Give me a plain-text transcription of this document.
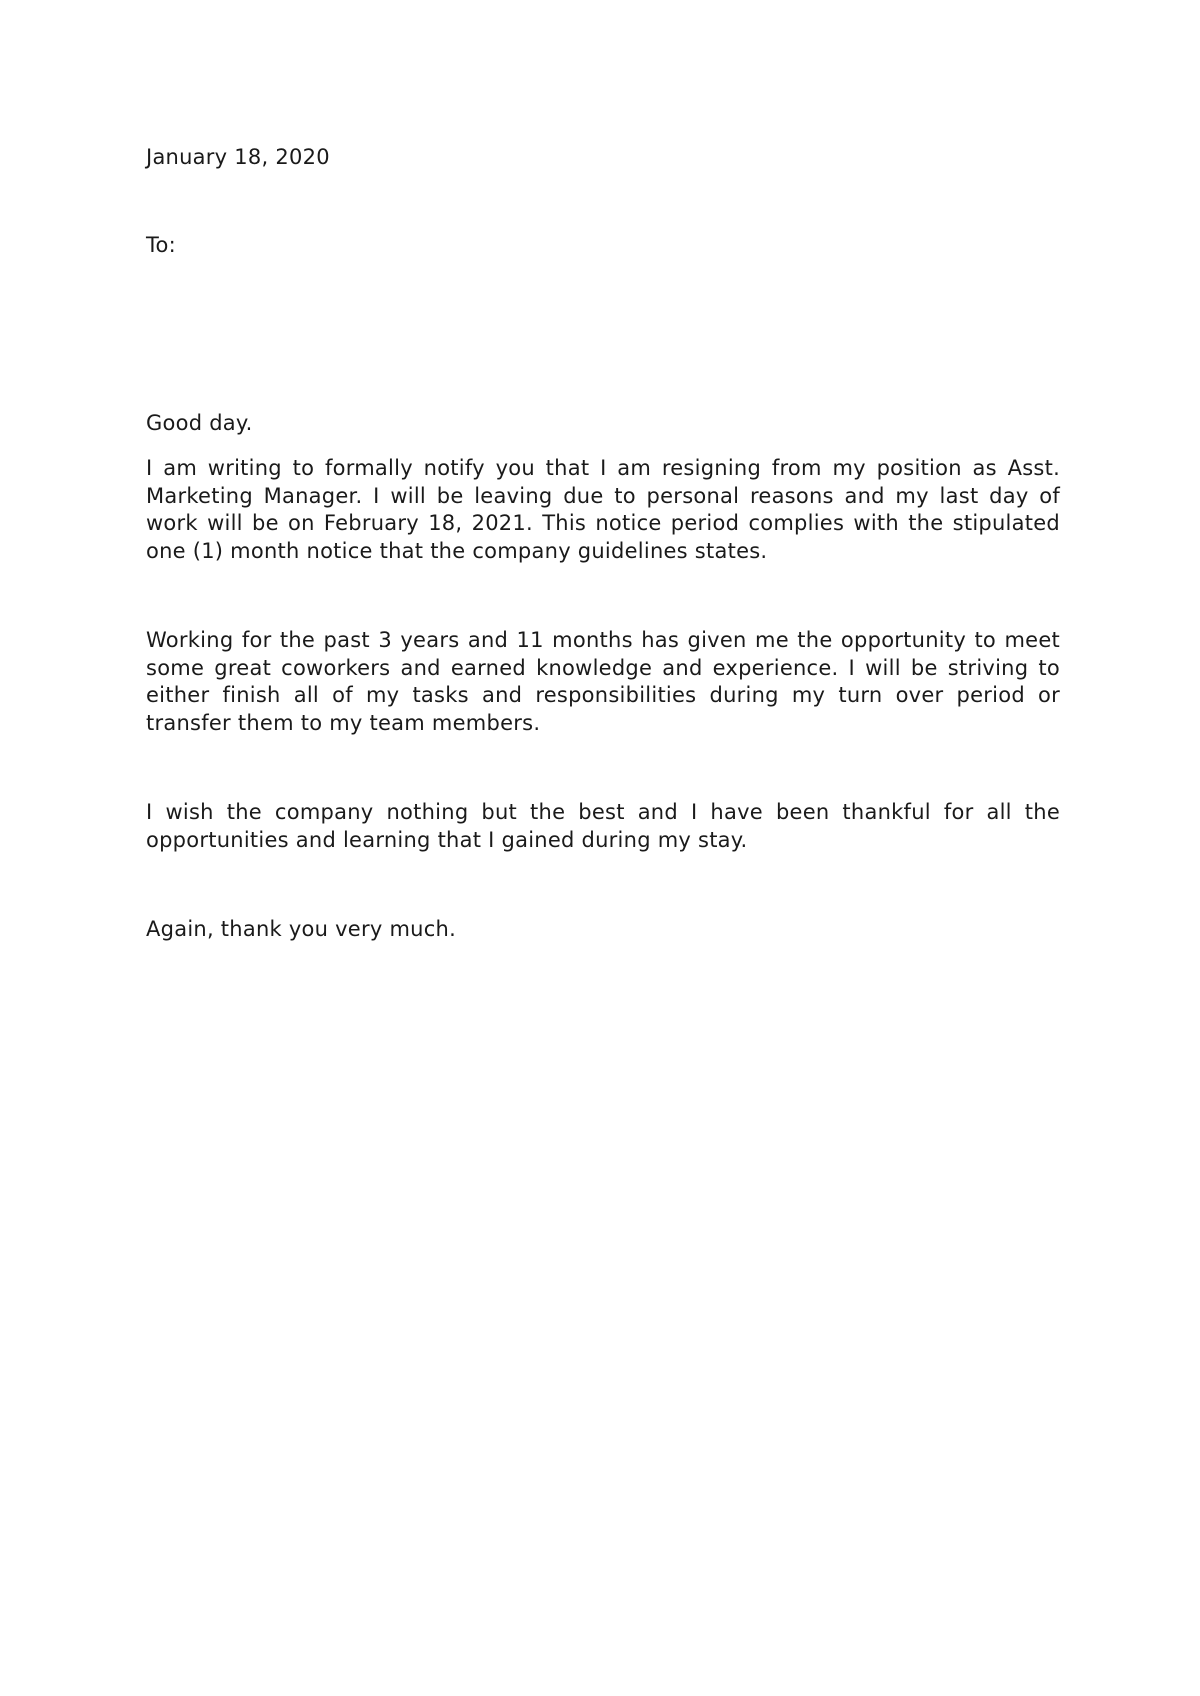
January 18, 2020

To:

Good day.

I am writing to formally notify you that I am resigning from my position as Asst. Marketing Manager. I will be leaving due to personal reasons and my last day of work will be on February 18, 2021. This notice period complies with the stipulated one (1) month notice that the company guidelines states.

Working for the past 3 years and 11 months has given me the opportunity to meet some great coworkers and earned knowledge and experience. I will be striving to either finish all of my tasks and responsibilities during my turn over period or transfer them to my team members.

I wish the company nothing but the best and I have been thankful for all the opportunities and learning that I gained during my stay.

Again, thank you very much.
